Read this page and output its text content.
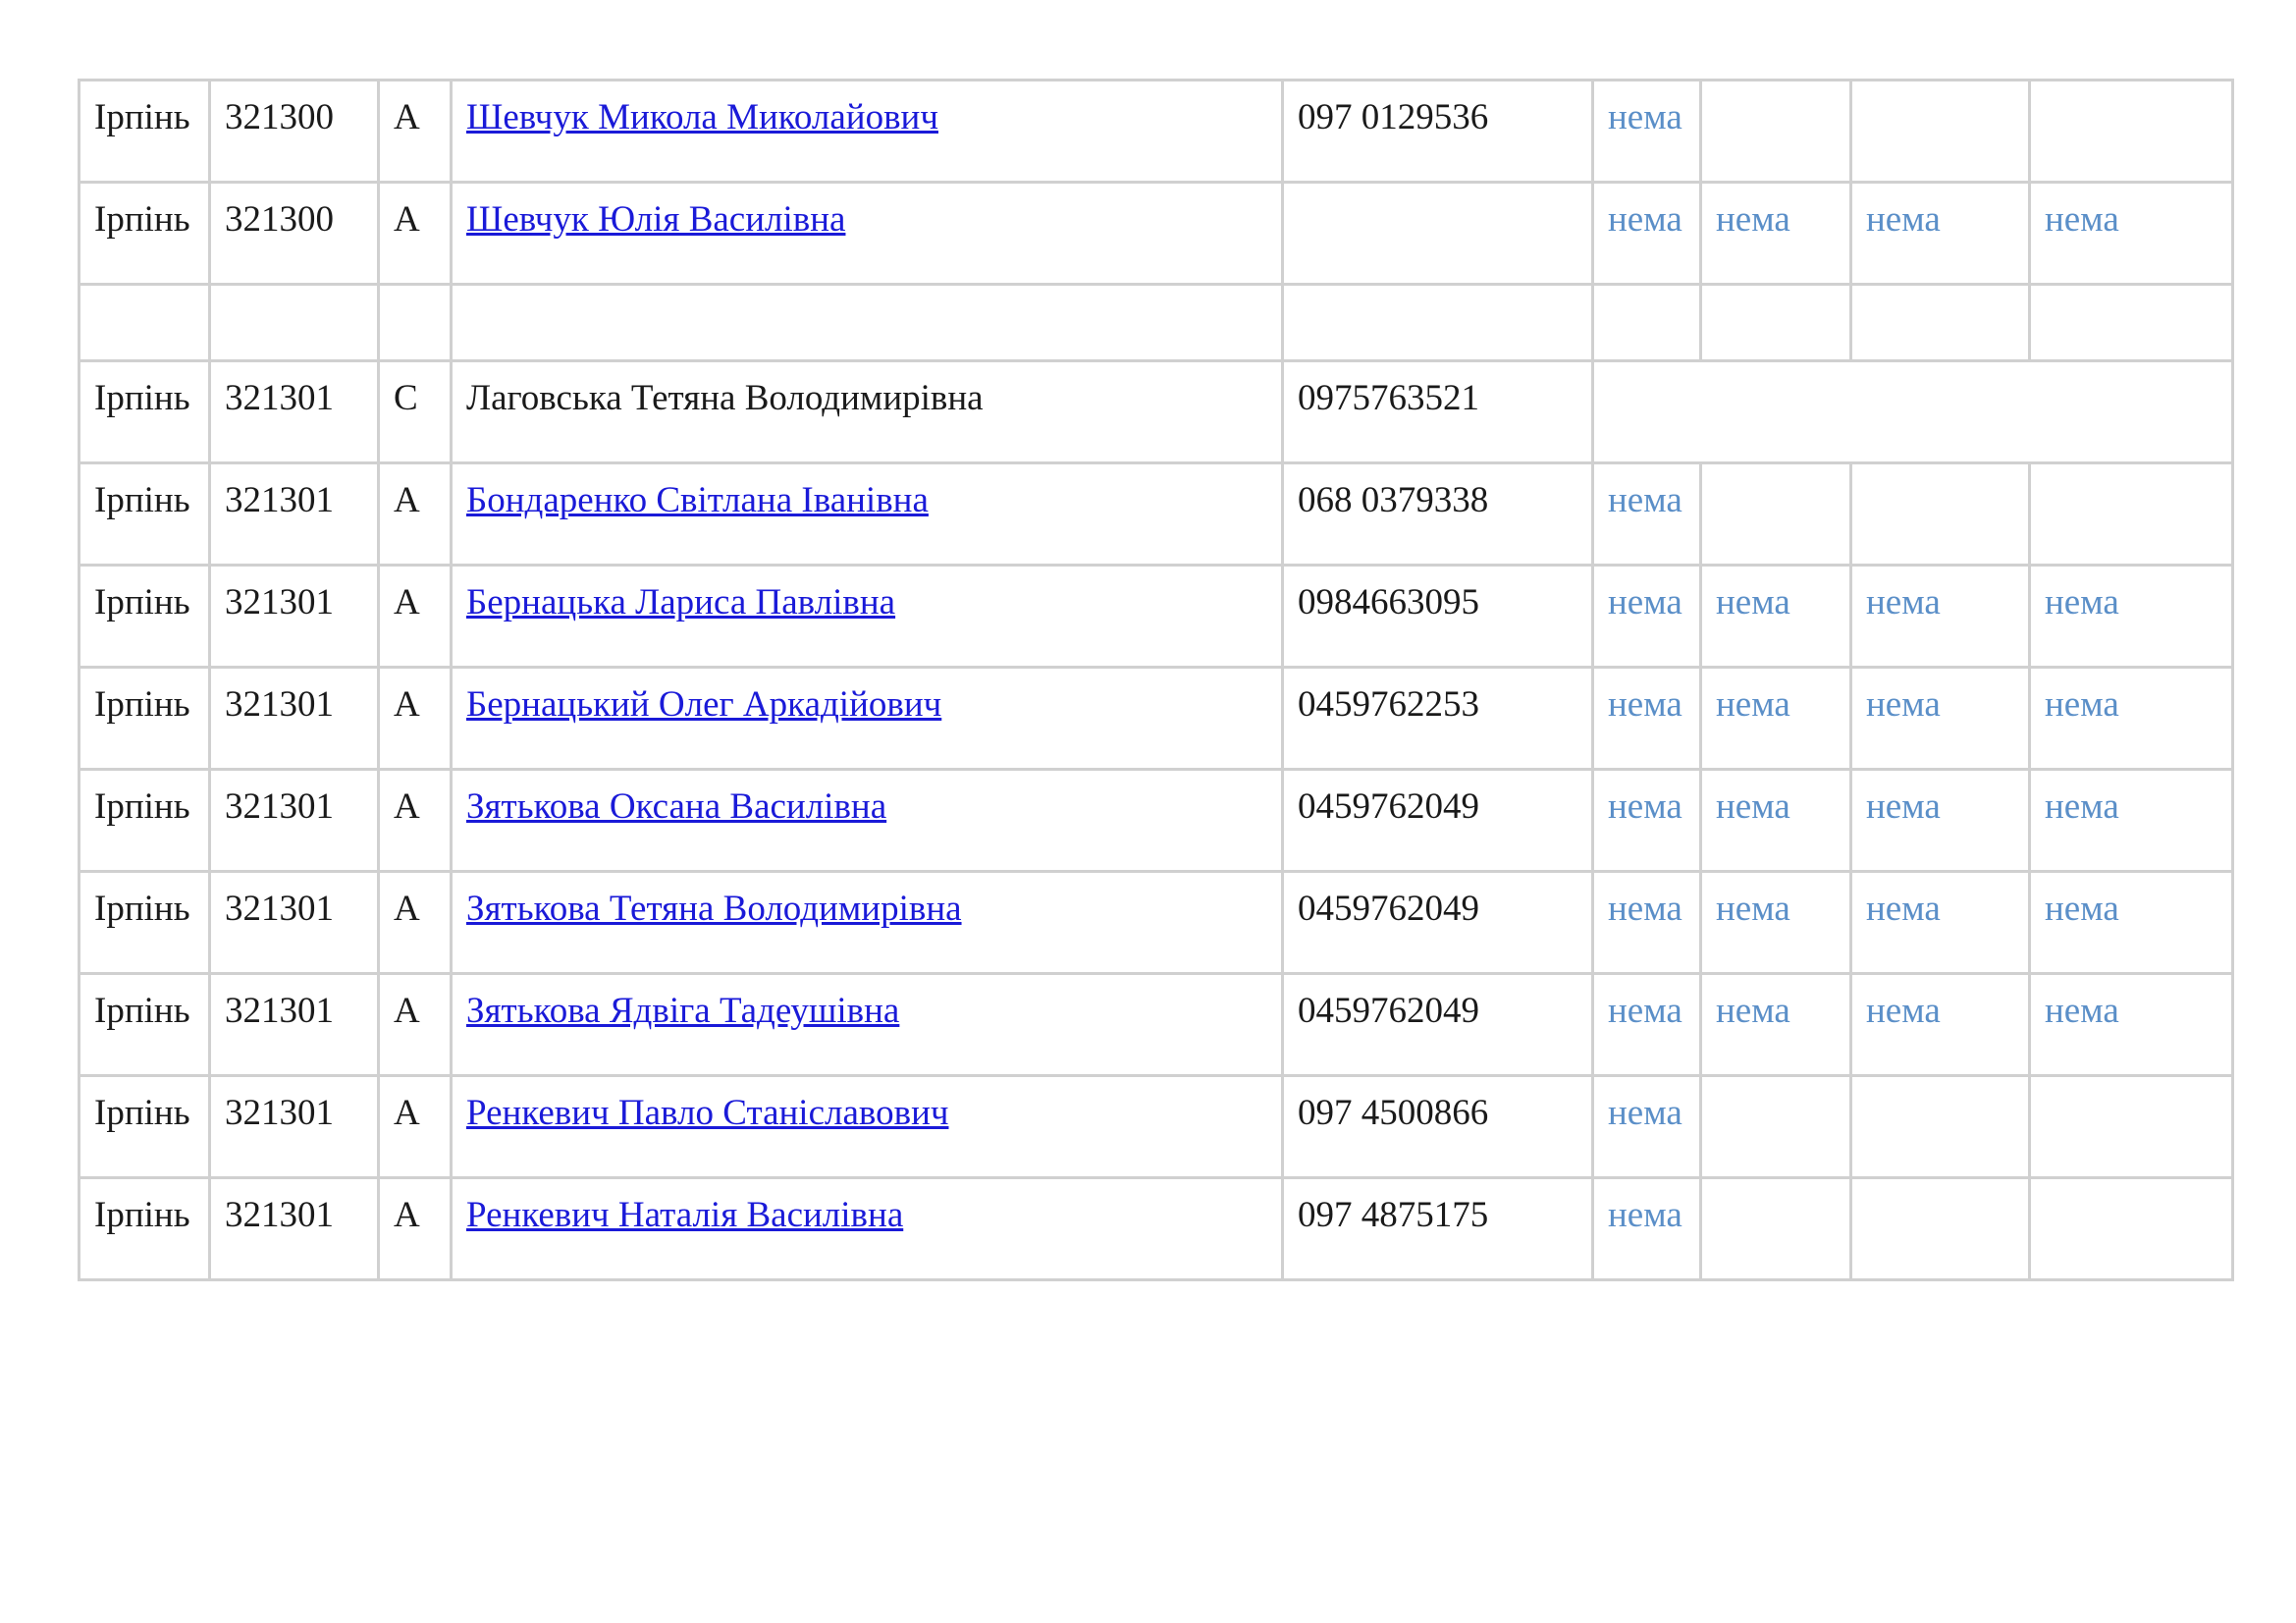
Ірпінь	321300	А	Шевчук Микола Миколайович	097 0129536	нема			
Ірпінь	321300	А	Шевчук Юлія Василівна		нема	нема	нема	нема

Ірпінь	321301	С	Лаговська Тетяна Володимирівна	0975763521				
Ірпінь	321301	А	Бондаренко Світлана Іванівна	068 0379338	нема			
Ірпінь	321301	А	Бернацька Лариса Павлівна	0984663095	нема	нема	нема	нема
Ірпінь	321301	А	Бернацький Олег Аркадійович	0459762253	нема	нема	нема	нема
Ірпінь	321301	А	Зятькова Оксана Василівна	0459762049	нема	нема	нема	нема
Ірпінь	321301	А	Зятькова Тетяна Володимирівна	0459762049	нема	нема	нема	нема
Ірпінь	321301	А	Зятькова Ядвіга Тадеушівна	0459762049	нема	нема	нема	нема
Ірпінь	321301	А	Ренкевич Павло Станіславович	097 4500866	нема			
Ірпінь	321301	А	Ренкевич Наталія Василівна	097 4875175	нема			
